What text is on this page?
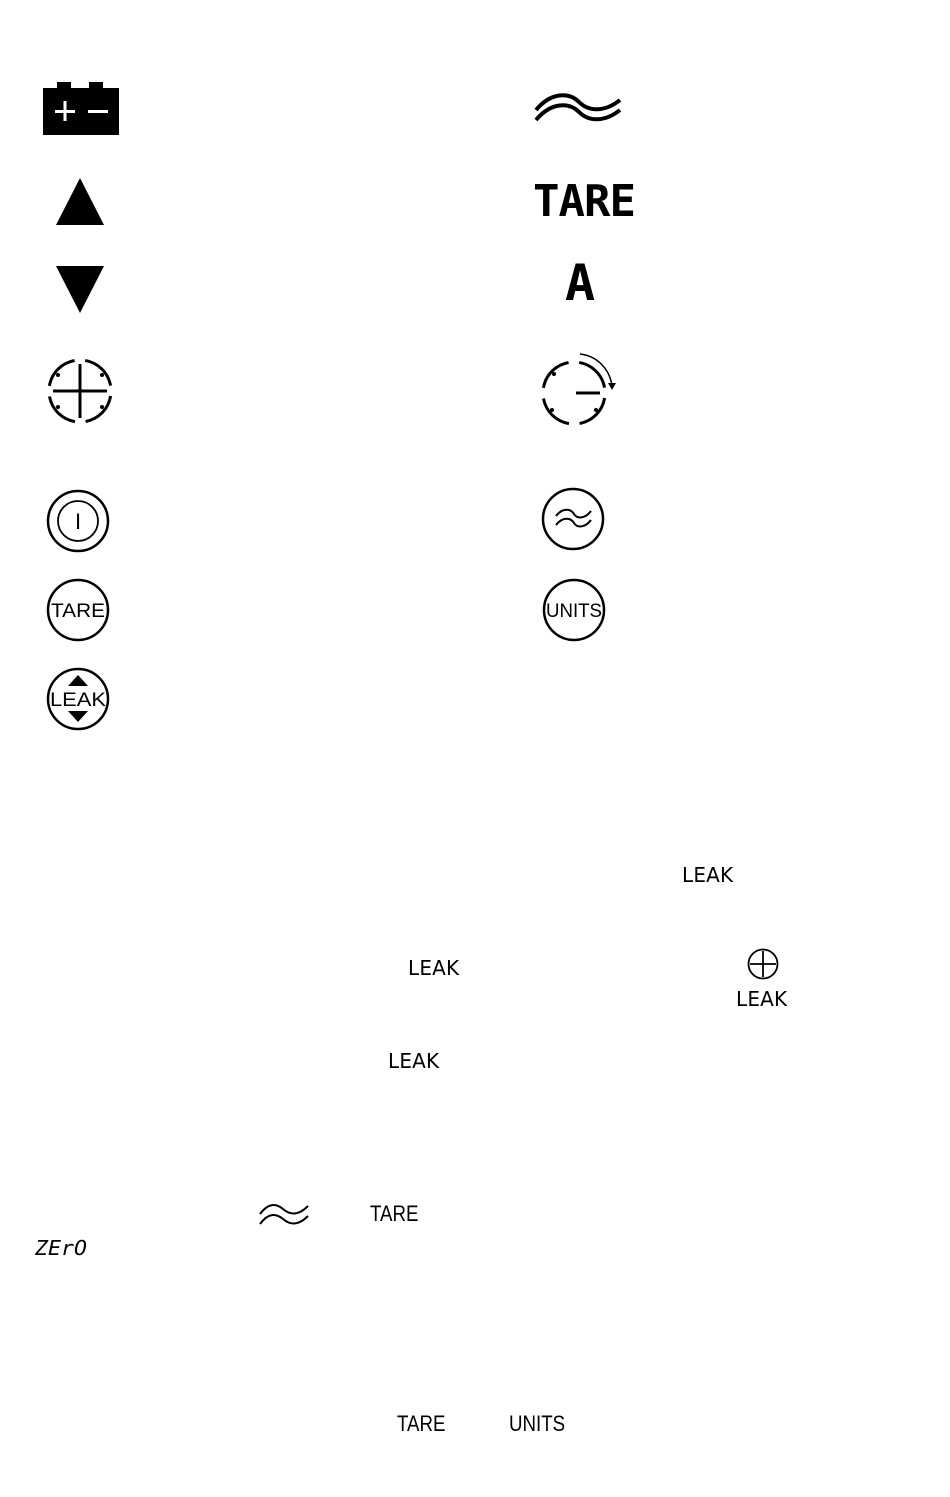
TARE
A
I
TARE	UNITS
LEAK
LEAK
LEAK
LEAK
LEAK
TARE
ZErO
TARE	UNITS
